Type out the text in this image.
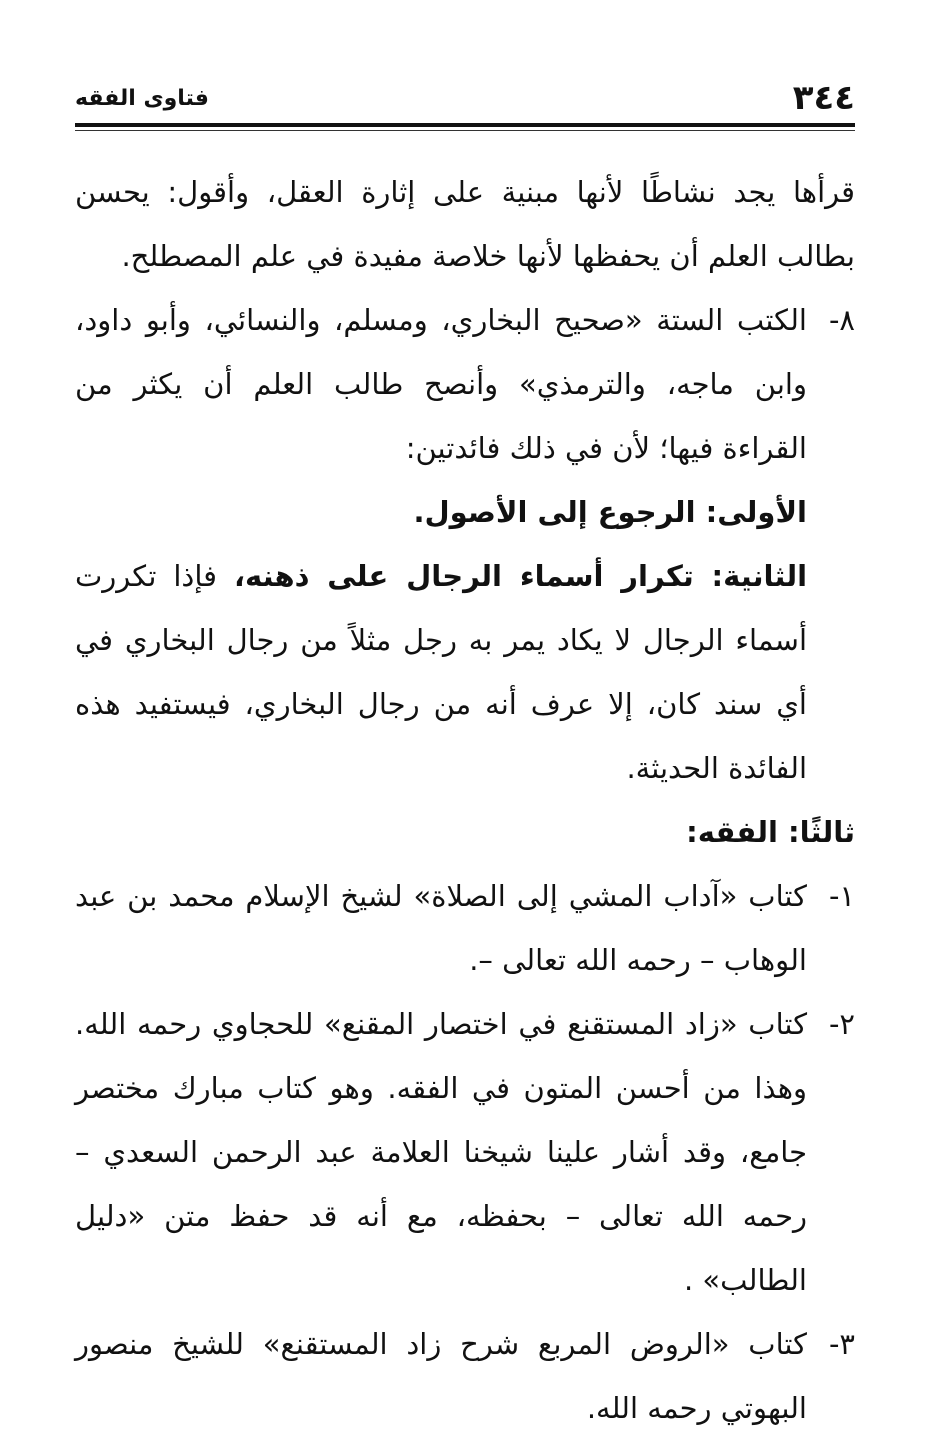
٣٤٤
فتاوى الفقه

قرأها يجد نشاطًا لأنها مبنية على إثارة العقل، وأقول: يحسن بطالب العلم أن يحفظها لأنها خلاصة مفيدة في علم المصطلح.

٨-
الكتب الستة «صحيح البخاري، ومسلم، والنسائي، وأبو داود، وابن ماجه، والترمذي» وأنصح طالب العلم أن يكثر من القراءة فيها؛ لأن في ذلك فائدتين:

الأولى: الرجوع إلى الأصول.

الثانية: تكرار أسماء الرجال على ذهنه، فإذا تكررت أسماء الرجال لا يكاد يمر به رجل مثلاً من رجال البخاري في أي سند كان، إلا عرف أنه من رجال البخاري، فيستفيد هذه الفائدة الحديثة.

ثالثًا: الفقه:

١-
كتاب «آداب المشي إلى الصلاة» لشيخ الإسلام محمد بن عبد الوهاب – رحمه الله تعالى –.
٢-
كتاب «زاد المستقنع في اختصار المقنع» للحجاوي رحمه الله. وهذا من أحسن المتون في الفقه. وهو كتاب مبارك مختصر جامع، وقد أشار علينا شيخنا العلامة عبد الرحمن السعدي – رحمه الله تعالى – بحفظه، مع أنه قد حفظ متن «دليل الطالب» .
٣-
كتاب «الروض المربع شرح زاد المستقنع» للشيخ منصور البهوتي رحمه الله.
